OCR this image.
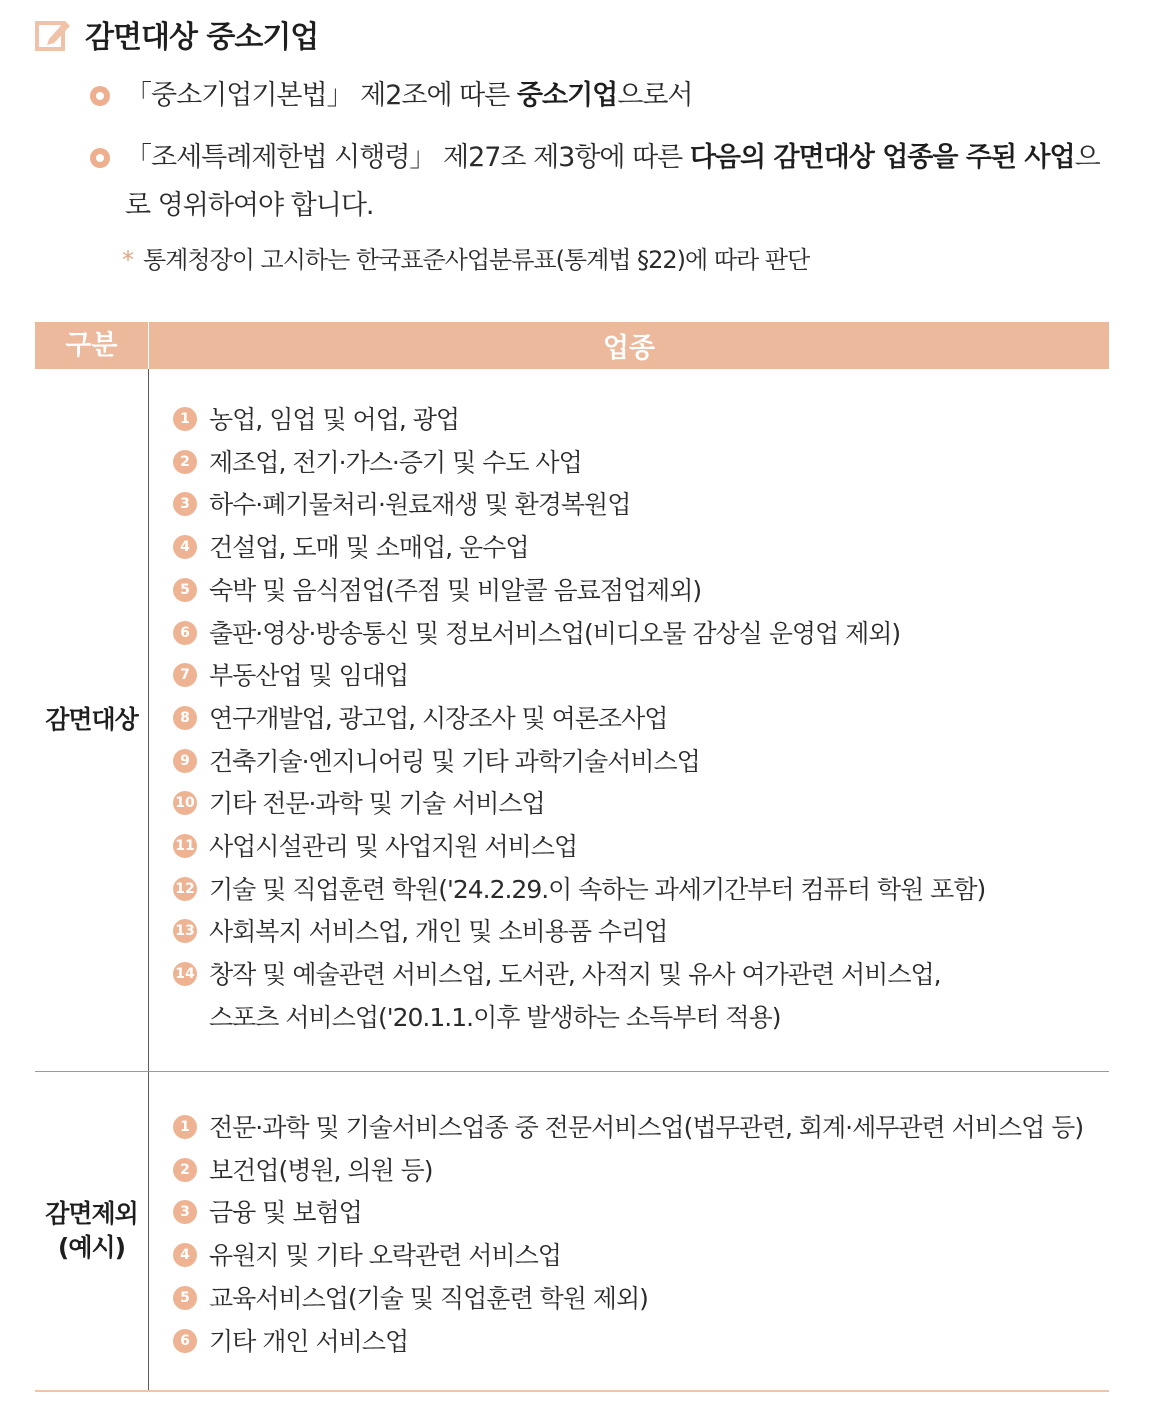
감면대상 중소기업
「중소기업기본법」 제2조에 따른 중소기업으로서
「조세특례제한법 시행령」 제27조 제3항에 따른 다음의 감면대상 업종을 주된 사업으로 영위하여야 합니다.
* 통계청장이 고시하는 한국표준사업분류표(통계법 §22)에 따라 판단
구분	업종
감면대상
1 농업, 임업 및 어업, 광업
2 제조업, 전기·가스·증기 및 수도 사업
3 하수·폐기물처리·원료재생 및 환경복원업
4 건설업, 도매 및 소매업, 운수업
5 숙박 및 음식점업(주점 및 비알콜 음료점업제외)
6 출판·영상·방송통신 및 정보서비스업(비디오물 감상실 운영업 제외)
7 부동산업 및 임대업
8 연구개발업, 광고업, 시장조사 및 여론조사업
9 건축기술·엔지니어링 및 기타 과학기술서비스업
10 기타 전문·과학 및 기술 서비스업
11 사업시설관리 및 사업지원 서비스업
12 기술 및 직업훈련 학원('24.2.29.이 속하는 과세기간부터 컴퓨터 학원 포함)
13 사회복지 서비스업, 개인 및 소비용품 수리업
14 창작 및 예술관련 서비스업, 도서관, 사적지 및 유사 여가관련 서비스업,
스포츠 서비스업('20.1.1.이후 발생하는 소득부터 적용)
감면제외
(예시)
1 전문·과학 및 기술서비스업종 중 전문서비스업(법무관련, 회계·세무관련 서비스업 등)
2 보건업(병원, 의원 등)
3 금융 및 보험업
4 유원지 및 기타 오락관련 서비스업
5 교육서비스업(기술 및 직업훈련 학원 제외)
6 기타 개인 서비스업
